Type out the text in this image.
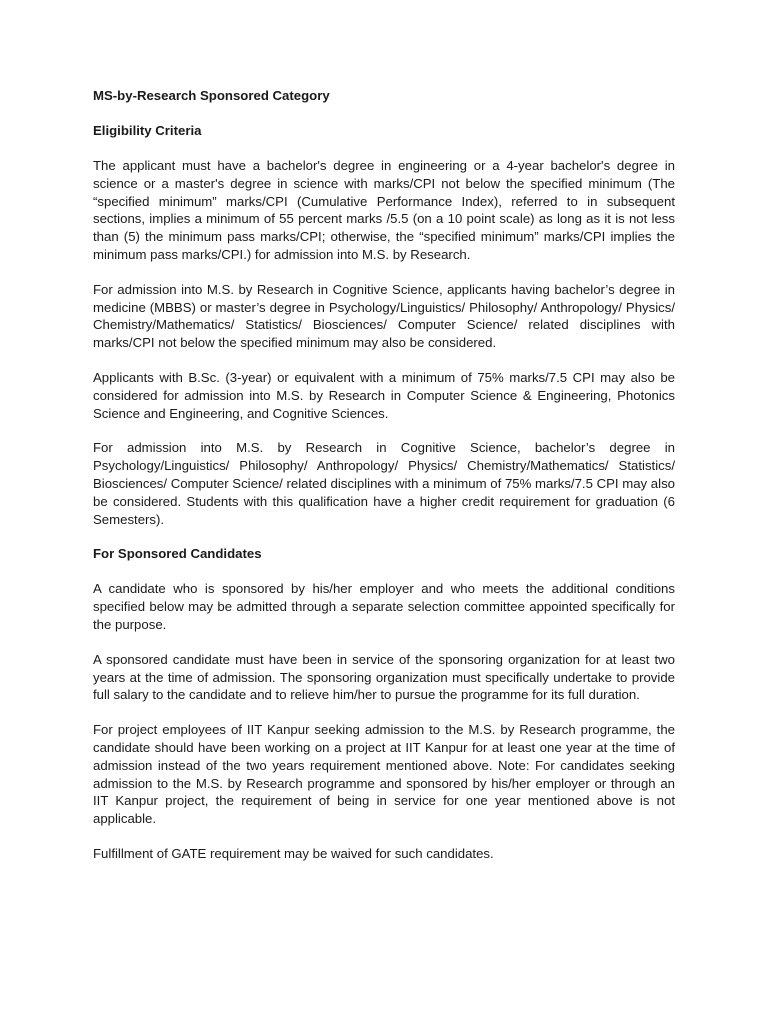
MS-by-Research Sponsored Category
Eligibility Criteria

The applicant must have a bachelor's degree in engineering or a 4-year bachelor's degree in science or a master's degree in science with marks/CPI not below the specified minimum (The “specified minimum” marks/CPI (Cumulative Performance Index), referred to in subsequent sections, implies a minimum of 55 percent marks /5.5 (on a 10 point scale) as long as it is not less than (5) the minimum pass marks/CPI; otherwise, the “specified minimum” marks/CPI implies the minimum pass marks/CPI.) for admission into M.S. by Research.

For admission into M.S. by Research in Cognitive Science, applicants having bachelor’s degree in medicine (MBBS) or master’s degree in Psychology/Linguistics/ Philosophy/ Anthropology/ Physics/ Chemistry/Mathematics/ Statistics/ Biosciences/ Computer Science/ related disciplines with marks/CPI not below the specified minimum may also be considered.

Applicants with B.Sc. (3-year) or equivalent with a minimum of 75% marks/7.5 CPI may also be considered for admission into M.S. by Research in Computer Science & Engineering, Photonics Science and Engineering, and Cognitive Sciences.

For admission into M.S. by Research in Cognitive Science, bachelor’s degree in Psychology/Linguistics/ Philosophy/ Anthropology/ Physics/ Chemistry/Mathematics/ Statistics/ Biosciences/ Computer Science/ related disciplines with a minimum of 75% marks/7.5 CPI may also be considered. Students with this qualification have a higher credit requirement for graduation (6 Semesters).

For Sponsored Candidates

A candidate who is sponsored by his/her employer and who meets the additional conditions specified below may be admitted through a separate selection committee appointed specifically for the purpose.

A sponsored candidate must have been in service of the sponsoring organization for at least two years at the time of admission. The sponsoring organization must specifically undertake to provide full salary to the candidate and to relieve him/her to pursue the programme for its full duration.

For project employees of IIT Kanpur seeking admission to the M.S. by Research programme, the candidate should have been working on a project at IIT Kanpur for at least one year at the time of admission instead of the two years requirement mentioned above. Note: For candidates seeking admission to the M.S. by Research programme and sponsored by his/her employer or through an IIT Kanpur project, the requirement of being in service for one year mentioned above is not applicable.

Fulfillment of GATE requirement may be waived for such candidates.
